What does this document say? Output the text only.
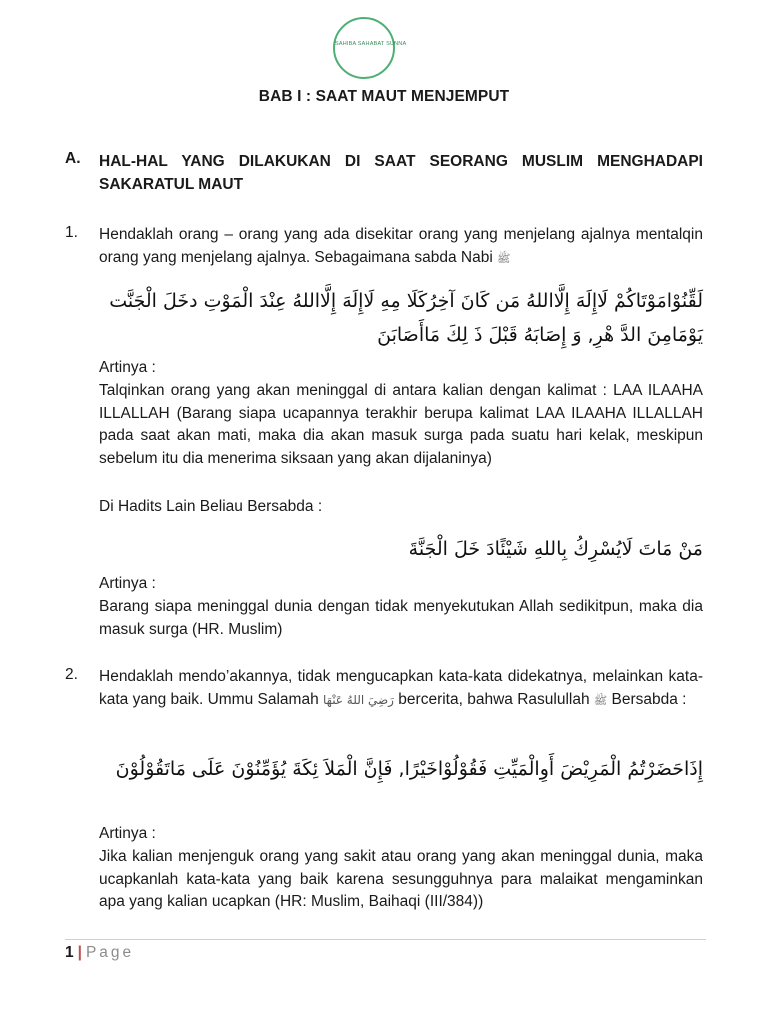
SAHIBA SAHABAT SUNNA
BAB I : SAAT MAUT MENJEMPUT
A. HAL-HAL YANG DILAKUKAN DI SAAT SEORANG MUSLIM MENGHADAPI SAKARATUL MAUT
1. Hendaklah orang – orang yang ada disekitar orang yang menjelang ajalnya mentalqin orang yang menjelang ajalnya. Sebagaimana sabda Nabi ﷺ
لَقِّنُوْامَوْتَاكُمْ لَاإِلَهَ إِلَّااللهُ مَن كَانَ آخِرُكَلَا مِهِ لَاإِلَهَ إِلَّااللهُ عِنْدَ الْمَوْتِ دخَلَ الْجَنَّت يَوْمَامِنَ الدَّ هْرِ, وَ إِصَابَهُ قَبْلَ ذَ لِكَ مَاأَصَابَنَ
Artinya :
Talqinkan orang yang akan meninggal di antara kalian dengan kalimat : LAA ILAAHA ILLALLAH (Barang siapa ucapannya terakhir berupa kalimat LAA ILAAHA ILLALLAH pada saat akan mati, maka dia akan masuk surga pada suatu hari kelak, meskipun sebelum itu dia menerima siksaan yang akan dijalaninya)
Di Hadits Lain Beliau Bersabda :
مَنْ مَاتَ لَايُسْرِكُ بِاللهِ شَيْئًادَ خَلَ الْجَنَّةَ
Artinya :
Barang siapa meninggal dunia dengan tidak menyekutukan Allah sedikitpun, maka dia masuk surga (HR. Muslim)
2. Hendaklah mendo’akannya, tidak mengucapkan kata-kata didekatnya, melainkan kata-kata yang baik. Ummu Salamah رَضِيَ اللهُ عَنْهَا bercerita, bahwa Rasulullah ﷺ Bersabda :
إِذَاحَضَرْتُمُ الْمَرِيْضَ أَوِالْمَيِّتِ فَقُوْلُوْاخَيْرًا, فَإِنَّ الْمَلاَ ئِكَةَ يُؤَمِّنُوْنَ عَلَى مَاتَقُوْلُوْنَ
Artinya :
Jika kalian menjenguk orang yang sakit atau orang yang akan meninggal dunia, maka ucapkanlah kata-kata yang baik karena sesungguhnya para malaikat mengaminkan apa yang kalian ucapkan (HR: Muslim, Baihaqi (III/384))
1 | Page
